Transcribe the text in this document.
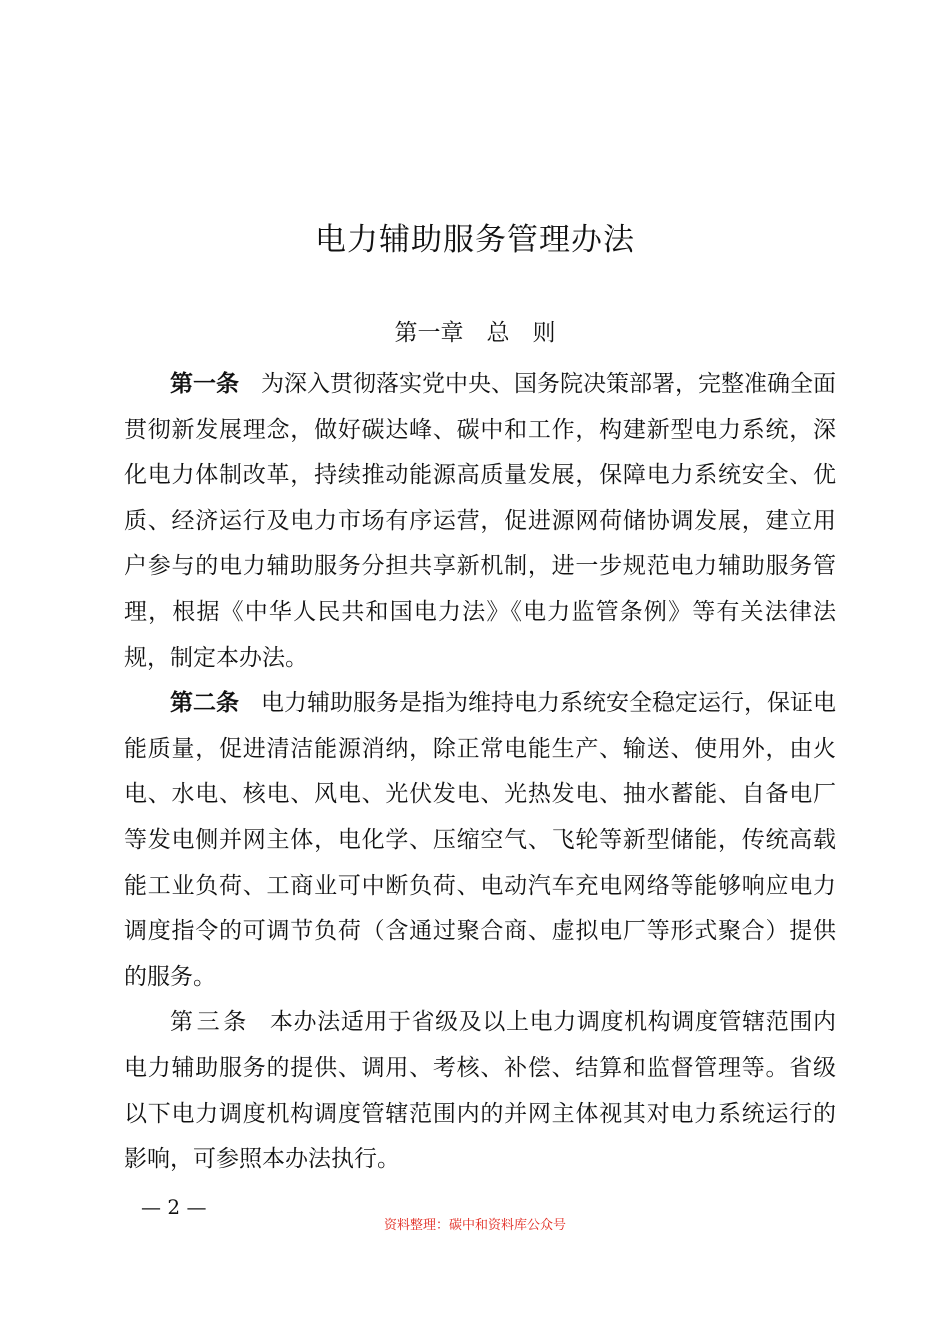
电力辅助服务管理办法
第一章　总　则

第一条 为深入贯彻落实党中央、国务院决策部署，完整准确全面贯彻新发展理念，做好碳达峰、碳中和工作，构建新型电力系统，深化电力体制改革，持续推动能源高质量发展，保障电力系统安全、优质、经济运行及电力市场有序运营，促进源网荷储协调发展，建立用户参与的电力辅助服务分担共享新机制，进一步规范电力辅助服务管理，根据《中华人民共和国电力法》《电力监管条例》等有关法律法规，制定本办法。

第二条 电力辅助服务是指为维持电力系统安全稳定运行，保证电能质量，促进清洁能源消纳，除正常电能生产、输送、使用外，由火电、水电、核电、风电、光伏发电、光热发电、抽水蓄能、自备电厂等发电侧并网主体，电化学、压缩空气、飞轮等新型储能，传统高载能工业负荷、工商业可中断负荷、电动汽车充电网络等能够响应电力调度指令的可调节负荷（含通过聚合商、虚拟电厂等形式聚合）提供的服务。

第三条 本办法适用于省级及以上电力调度机构调度管辖范围内电力辅助服务的提供、调用、考核、补偿、结算和监督管理等。省级以下电力调度机构调度管辖范围内的并网主体视其对电力系统运行的影响，可参照本办法执行。

— 2 —
资料整理：碳中和资料库公众号
